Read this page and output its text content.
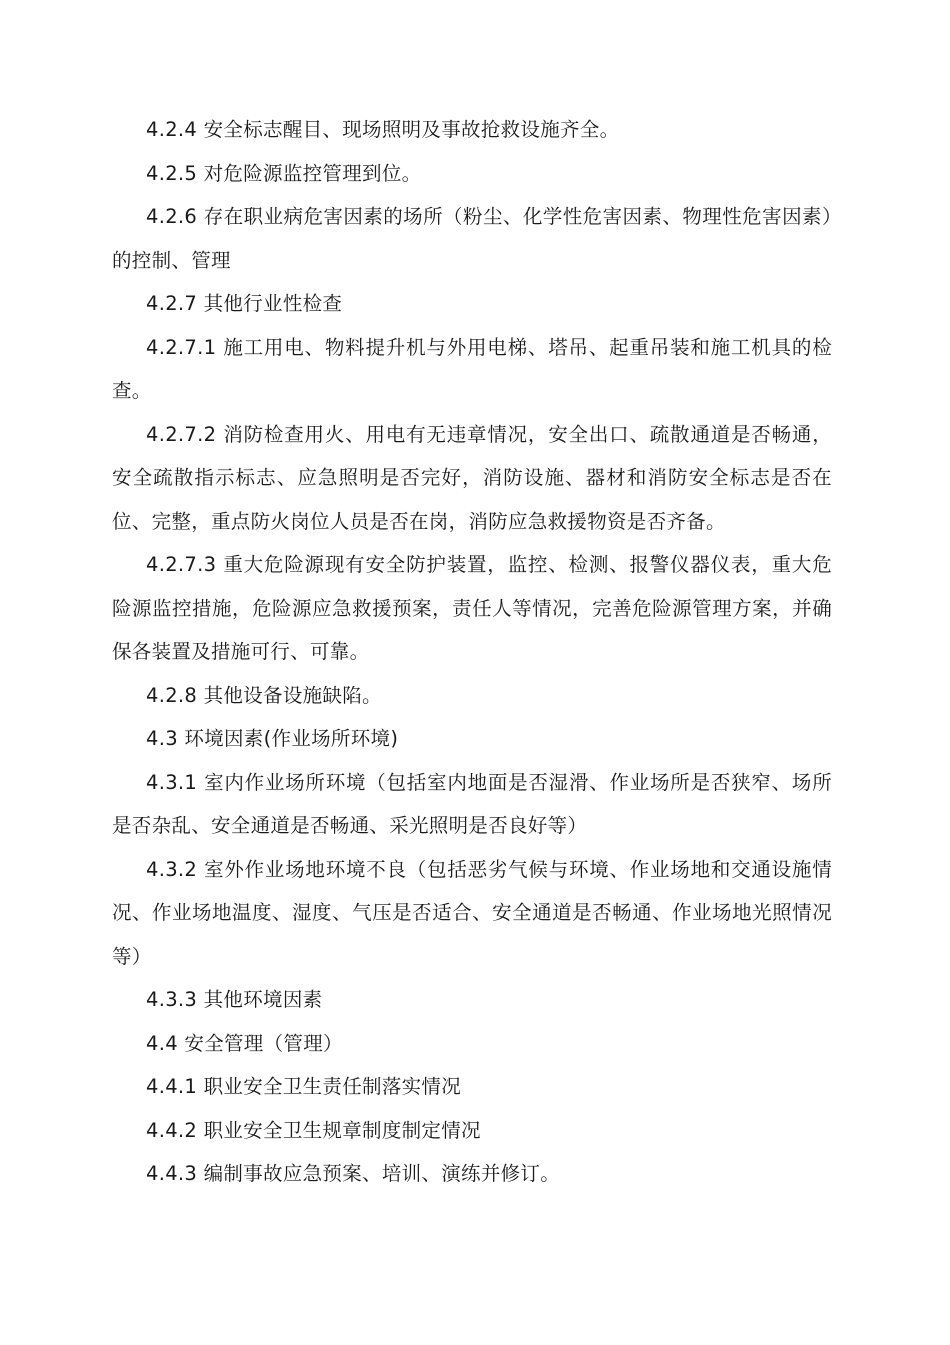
4.2.4 安全标志醒目、现场照明及事故抢救设施齐全。

4.2.5 对危险源监控管理到位。

4.2.6 存在职业病危害因素的场所（粉尘、化学性危害因素、物理性危害因素）的控制、管理

4.2.7 其他行业性检查

4.2.7.1 施工用电、物料提升机与外用电梯、塔吊、起重吊装和施工机具的检查。

4.2.7.2 消防检查用火、用电有无违章情况，安全出口、疏散通道是否畅通，安全疏散指示标志、应急照明是否完好，消防设施、器材和消防安全标志是否在位、完整，重点防火岗位人员是否在岗，消防应急救援物资是否齐备。

4.2.7.3 重大危险源现有安全防护装置，监控、检测、报警仪器仪表，重大危险源监控措施，危险源应急救援预案，责任人等情况，完善危险源管理方案，并确保各装置及措施可行、可靠。

4.2.8 其他设备设施缺陷。

4.3 环境因素(作业场所环境)

4.3.1 室内作业场所环境（包括室内地面是否湿滑、作业场所是否狭窄、场所是否杂乱、安全通道是否畅通、采光照明是否良好等）

4.3.2 室外作业场地环境不良（包括恶劣气候与环境、作业场地和交通设施情况、作业场地温度、湿度、气压是否适合、安全通道是否畅通、作业场地光照情况等）

4.3.3 其他环境因素

4.4 安全管理（管理）

4.4.1 职业安全卫生责任制落实情况

4.4.2 职业安全卫生规章制度制定情况

4.4.3 编制事故应急预案、培训、演练并修订。
